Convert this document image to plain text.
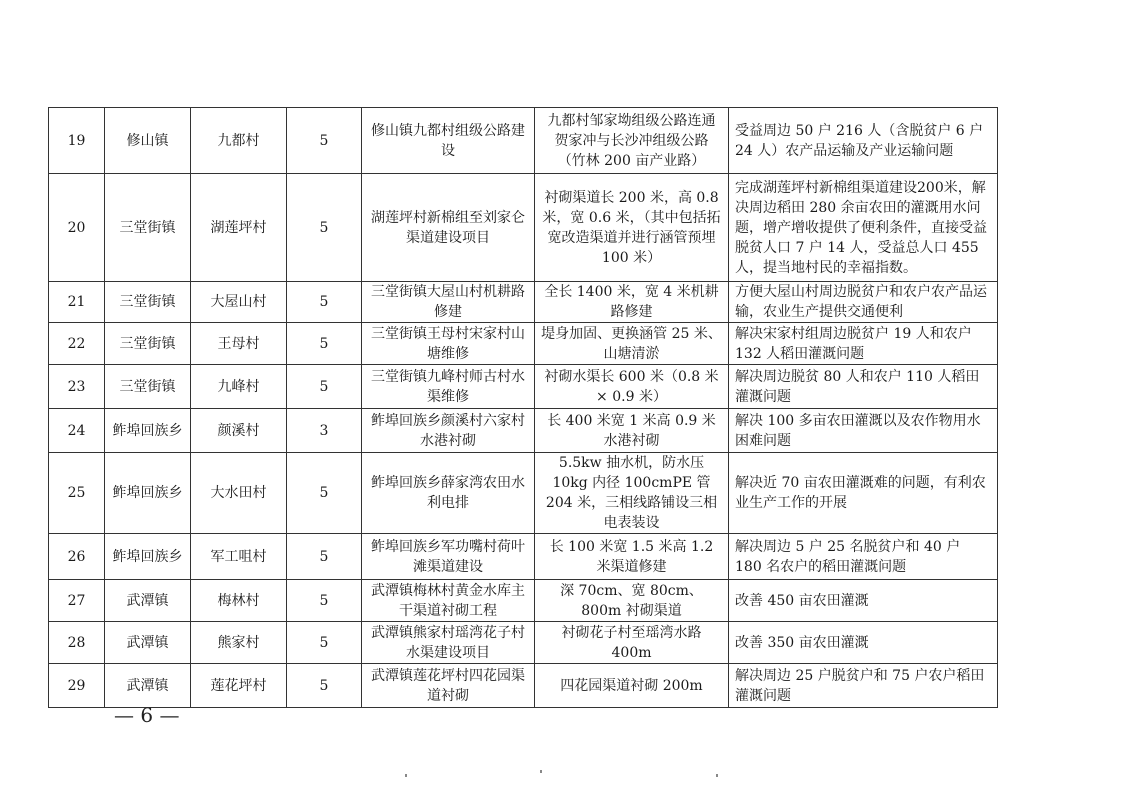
19	修山镇	九都村	5	修山镇九都村组级公路建设	九都村邹家坳组级公路连通贺家冲与长沙冲组级公路（竹林 200 亩产业路）	受益周边 50 户 216 人（含脱贫户 6 户 24 人）农产品运输及产业运输问题
20	三堂街镇	湖莲坪村	5	湖莲坪村新棉组至刘家仑渠道建设项目	衬砌渠道长 200 米，高 0.8 米，宽 0.6 米，（其中包括拓宽改造渠道并进行涵管预埋 100 米）	完成湖莲坪村新棉组渠道建设200米，解决周边稻田 280 余亩农田的灌溉用水问题，增产增收提供了便利条件，直接受益脱贫人口 7 户 14 人，受益总人口 455 人，提当地村民的幸福指数。
21	三堂街镇	大屋山村	5	三堂街镇大屋山村机耕路修建	全长 1400 米，宽 4 米机耕路修建	方便大屋山村周边脱贫户和农户农产品运输，农业生产提供交通便利
22	三堂街镇	王母村	5	三堂街镇王母村宋家村山塘维修	堤身加固、更换涵管 25 米、山塘清淤	解决宋家村组周边脱贫户 19 人和农户 132 人稻田灌溉问题
23	三堂街镇	九峰村	5	三堂街镇九峰村师古村水渠维修	衬砌水渠长 600 米（0.8 米× 0.9 米）	解决周边脱贫 80 人和农户 110 人稻田灌溉问题
24	鲊埠回族乡	颜溪村	3	鲊埠回族乡颜溪村六家村水港衬砌	长 400 米宽 1 米高 0.9 米水港衬砌	解决 100 多亩农田灌溉以及农作物用水困难问题
25	鲊埠回族乡	大水田村	5	鲊埠回族乡薛家湾农田水利电排	5.5kw 抽水机，防水压 10kg 内径 100cmPE 管 204 米，三相线路铺设三相电表装设	解决近 70 亩农田灌溉难的问题，有利农业生产工作的开展
26	鲊埠回族乡	军工咀村	5	鲊埠回族乡军功嘴村荷叶滩渠道建设	长 100 米宽 1.5 米高 1.2 米渠道修建	解决周边 5 户 25 名脱贫户和 40 户 180 名农户的稻田灌溉问题
27	武潭镇	梅林村	5	武潭镇梅林村黄金水库主干渠道衬砌工程	深 70cm、宽 80cm、800m 衬砌渠道	改善 450 亩农田灌溉
28	武潭镇	熊家村	5	武潭镇熊家村瑶湾花子村水渠建设项目	衬砌花子村至瑶湾水路 400m	改善 350 亩农田灌溉
29	武潭镇	莲花坪村	5	武潭镇莲花坪村四花园渠道衬砌	四花园渠道衬砌 200m	解决周边 25 户脱贫户和 75 户农户稻田灌溉问题
— 6 —
